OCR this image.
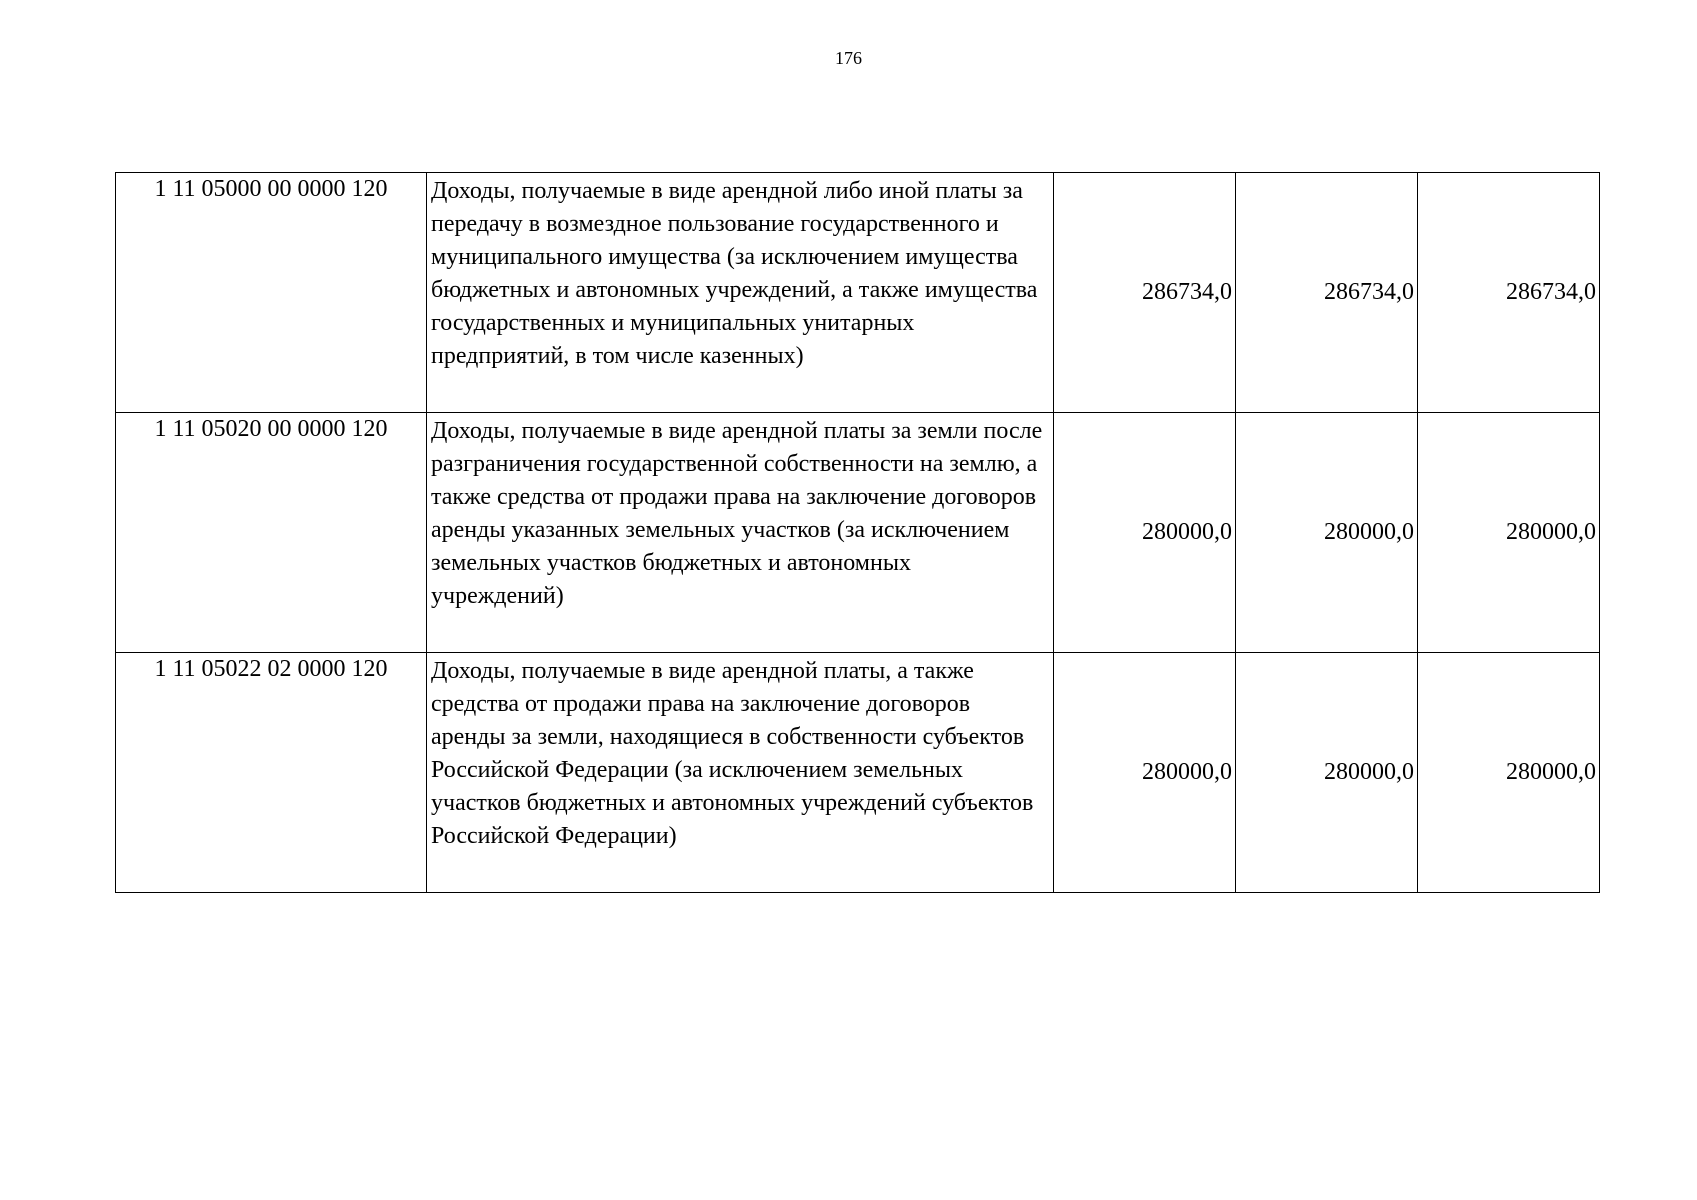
176
1 11 05000 00 0000 120	Доходы, получаемые в виде арендной либо иной платы за передачу в возмездное пользование государственного и муниципального имущества (за исключением имущества бюджетных и автономных учреждений, а также имущества государственных и муниципальных унитарных предприятий, в том числе казенных)	286734,0	286734,0	286734,0
1 11 05020 00 0000 120	Доходы, получаемые в виде арендной платы за земли после разграничения государственной собственности на землю, а также средства от продажи права на заключение договоров аренды указанных земельных участков (за исключением земельных участков бюджетных и автономных учреждений)	280000,0	280000,0	280000,0
1 11 05022 02 0000 120	Доходы, получаемые в виде арендной платы, а также средства от продажи права на заключение договоров аренды за земли, находящиеся в собственности субъектов Российской Федерации (за исключением земельных участков бюджетных и автономных учреждений субъектов Российской Федерации)	280000,0	280000,0	280000,0
